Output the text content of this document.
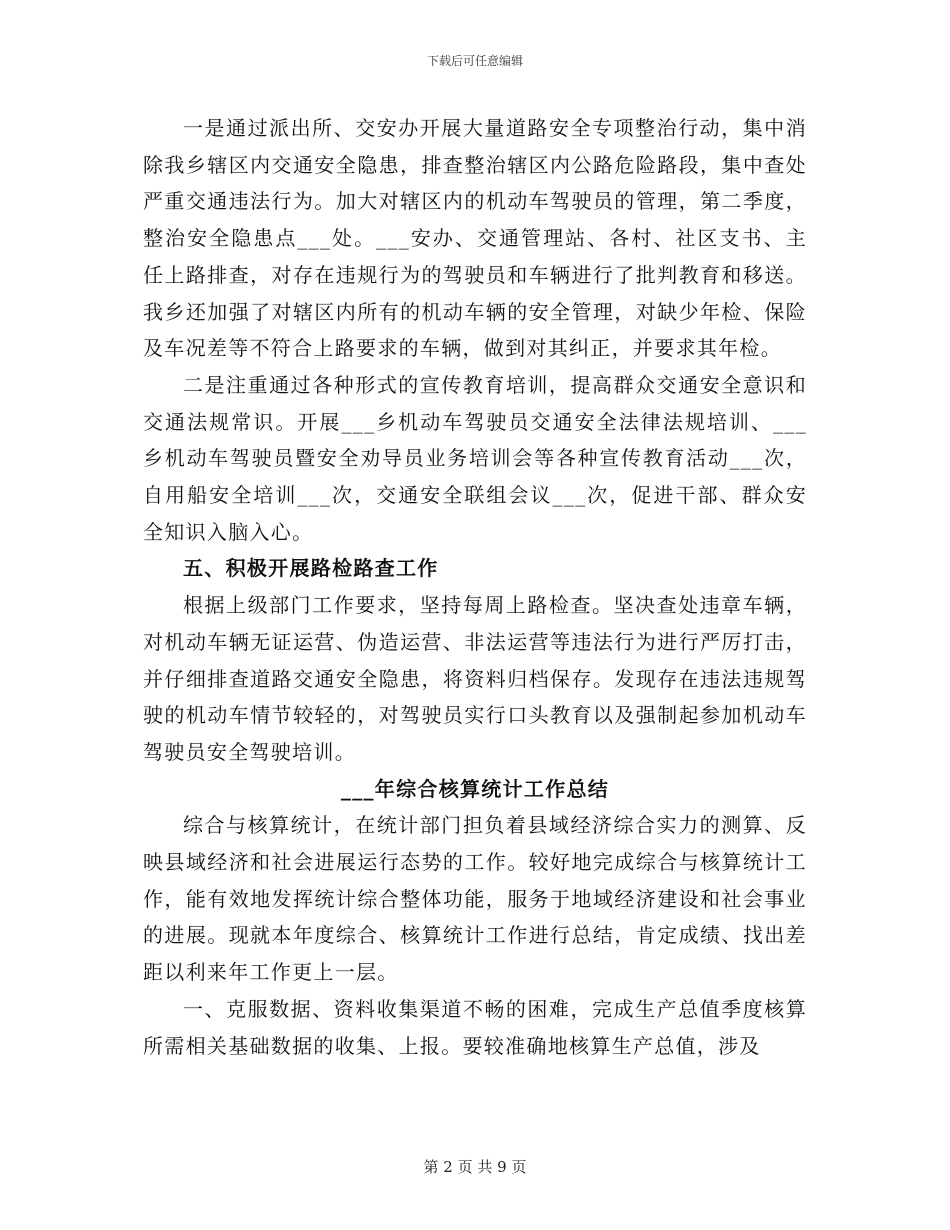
下载后可任意编辑

一是通过派出所、交安办开展大量道路安全专项整治行动，集中消除我乡辖区内交通安全隐患，排查整治辖区内公路危险路段，集中查处严重交通违法行为。加大对辖区内的机动车驾驶员的管理，第二季度，整治安全隐患点___处。___安办、交通管理站、各村、社区支书、主任上路排查，对存在违规行为的驾驶员和车辆进行了批判教育和移送。我乡还加强了对辖区内所有的机动车辆的安全管理，对缺少年检、保险及车况差等不符合上路要求的车辆，做到对其纠正，并要求其年检。

二是注重通过各种形式的宣传教育培训，提高群众交通安全意识和交通法规常识。开展___乡机动车驾驶员交通安全法律法规培训、___乡机动车驾驶员暨安全劝导员业务培训会等各种宣传教育活动___次，自用船安全培训___次，交通安全联组会议___次，促进干部、群众安全知识入脑入心。

五、积极开展路检路查工作

根据上级部门工作要求，坚持每周上路检查。坚决查处违章车辆，对机动车辆无证运营、伪造运营、非法运营等违法行为进行严厉打击，并仔细排查道路交通安全隐患，将资料归档保存。发现存在违法违规驾驶的机动车情节较轻的，对驾驶员实行口头教育以及强制起参加机动车驾驶员安全驾驶培训。

___年综合核算统计工作总结

综合与核算统计，在统计部门担负着县域经济综合实力的测算、反映县域经济和社会进展运行态势的工作。较好地完成综合与核算统计工作，能有效地发挥统计综合整体功能，服务于地域经济建设和社会事业的进展。现就本年度综合、核算统计工作进行总结，肯定成绩、找出差距以利来年工作更上一层。

一、克服数据、资料收集渠道不畅的困难，完成生产总值季度核算所需相关基础数据的收集、上报。要较准确地核算生产总值，涉及

第 2 页 共 9 页
